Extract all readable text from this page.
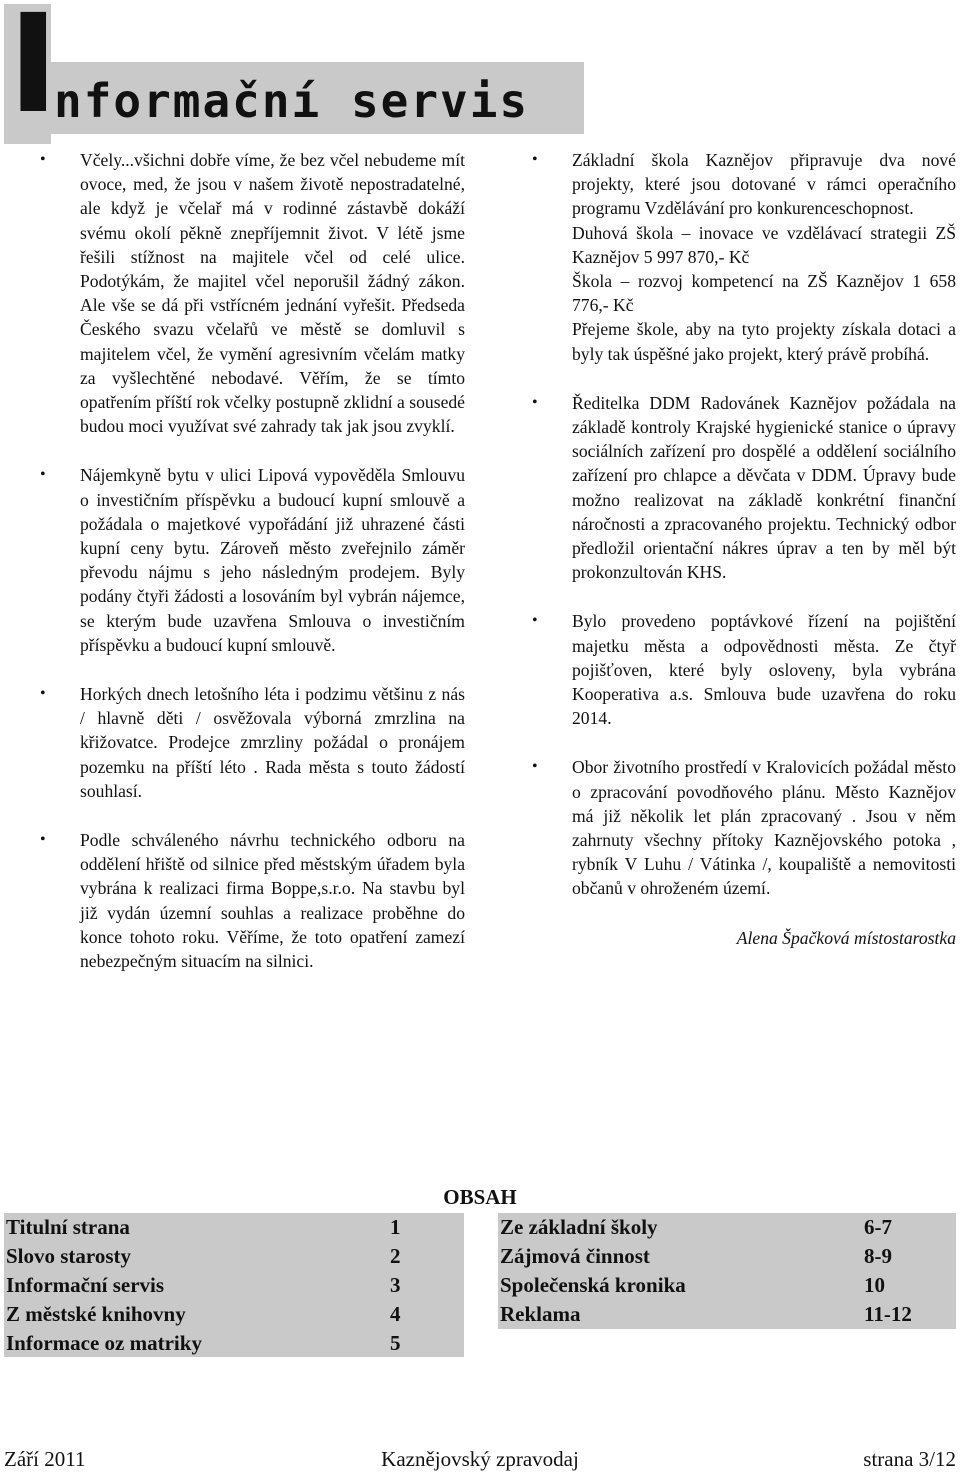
I
nformační servis

• Včely...všichni dobře víme, že bez včel nebudeme mít ovoce, med, že jsou v našem životě nepostradatelné, ale když je včelař má v rodinné zástavbě dokáží svému okolí pěkně znepříjemnit život. V létě jsme řešili stížnost na majitele včel od celé ulice. Podotýkám, že majitel včel neporušil žádný zákon. Ale vše se dá při vstřícném jednání vyřešit. Předseda Českého svazu včelařů ve městě se domluvil s majitelem včel, že vymění agresivním včelám matky za vyšlechtěné nebodavé. Věřím, že se tímto opatřením příští rok včelky postupně zklidní a sousedé budou moci využívat své zahrady tak jak jsou zvyklí.

• Nájemkyně bytu v ulici Lipová vypověděla Smlouvu o investičním příspěvku a budoucí kupní smlouvě a požádala o majetkové vypořádání již uhrazené části kupní ceny bytu. Zároveň město zveřejnilo záměr převodu nájmu s jeho následným prodejem. Byly podány čtyři žádosti a losováním byl vybrán nájemce, se kterým bude uzavřena Smlouva o investičním příspěvku a budoucí kupní smlouvě.

• Horkých dnech letošního léta i podzimu většinu z nás / hlavně děti / osvěžovala výborná zmrzlina na křižovatce. Prodejce zmrzliny požádal o pronájem pozemku na příští léto . Rada města s touto žádostí souhlasí.

• Podle schváleného návrhu technického odboru na oddělení hřiště od silnice před městským úřadem byla vybrána k realizaci firma Boppe,s.r.o. Na stavbu byl již vydán územní souhlas a realizace proběhne do konce tohoto roku. Věříme, že toto opatření zamezí nebezpečným situacím na silnici.

• Základní škola Kaznějov připravuje dva nové projekty, které jsou dotované v rámci operačního programu Vzdělávání pro konkurenceschopnost.

Duhová škola – inovace ve vzdělávací strategii ZŠ Kaznějov 5 997 870,- Kč

Škola – rozvoj kompetencí na ZŠ Kaznějov 1 658 776,- Kč

Přejeme škole, aby na tyto projekty získala dotaci a byly tak úspěšné jako projekt, který právě probíhá.

• Ředitelka DDM Radovánek Kaznějov požádala na základě kontroly Krajské hygienické stanice o úpravy sociálních zařízení pro dospělé a oddělení sociálního zařízení pro chlapce a děvčata v DDM. Úpravy bude možno realizovat na základě konkrétní finanční náročnosti a zpracovaného projektu. Technický odbor předložil orientační nákres úprav a ten by měl být prokonzultován KHS.

• Bylo provedeno poptávkové řízení na pojištění majetku města a odpovědnosti města. Ze čtyř pojišťoven, které byly osloveny, byla vybrána Kooperativa a.s. Smlouva bude uzavřena do roku 2014.

• Obor životního prostředí v Kralovicích požádal město o zpracování povodňového plánu. Město Kaznějov má již několik let plán zpracovaný . Jsou v něm zahrnuty všechny přítoky Kaznějovského potoka , rybník V Luhu / Vátinka /, koupaliště a nemovitosti občanů v ohroženém území.

Alena Špačková místostarostka
OBSAH
Titulní strana	1
Slovo starosty	2
Informační servis	3
Z městské knihovny	4
Informace oz matriky	5
Ze základní školy	6-7
Zájmová činnost	8-9
Společenská kronika	10
Reklama	11-12
Kaznějovský zpravodaj
Září 2011	strana 3/12
